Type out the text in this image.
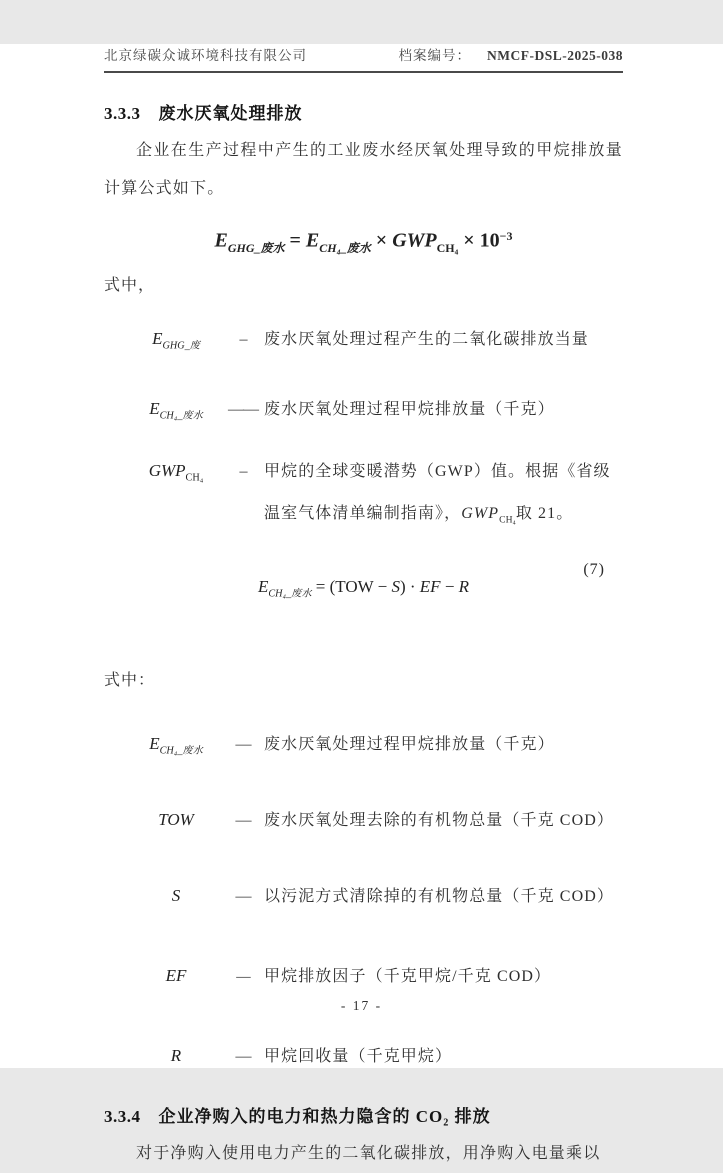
北京绿碳众诚环境科技有限公司	档案编号： NMCF-DSL-2025-038
3.3.3 废水厌氧处理排放

企业在生产过程中产生的工业废水经厌氧处理导致的甲烷排放量计算公式如下。

$E_{GHG\_废水} = E_{CH_4\_废水} \times GWP_{CH_4} \times 10^{-3}$
式中，
$E_{GHG\_废}$	–	废水厌氧处理过程产生的二氧化碳排放当量
$E_{CH_4\_废水}$	—— 废水厌氧处理过程甲烷排放量（千克）
$GWP_{CH_4}$	–	甲烷的全球变暖潜势（GWP）值。根据《省级
温室气体清单编制指南》，$GWP_{CH_4}$取 21。
(7)
$E_{CH_4\_废水} = (TOW - S)$ · EF − R
式中：
$E_{CH_4\_废水}$	— 废水厌氧处理过程甲烷排放量（千克）
TOW	— 废水厌氧处理去除的有机物总量（千克 COD）
S	— 以污泥方式清除掉的有机物总量（千克 COD）
EF	— 甲烷排放因子（千克甲烷/千克 COD）
R	— 甲烷回收量（千克甲烷）
3.3.4 企业净购入的电力和热力隐含的 CO₂ 排放

对于净购入使用电力产生的二氧化碳排放，用净购入电量乘以

- 17 -
